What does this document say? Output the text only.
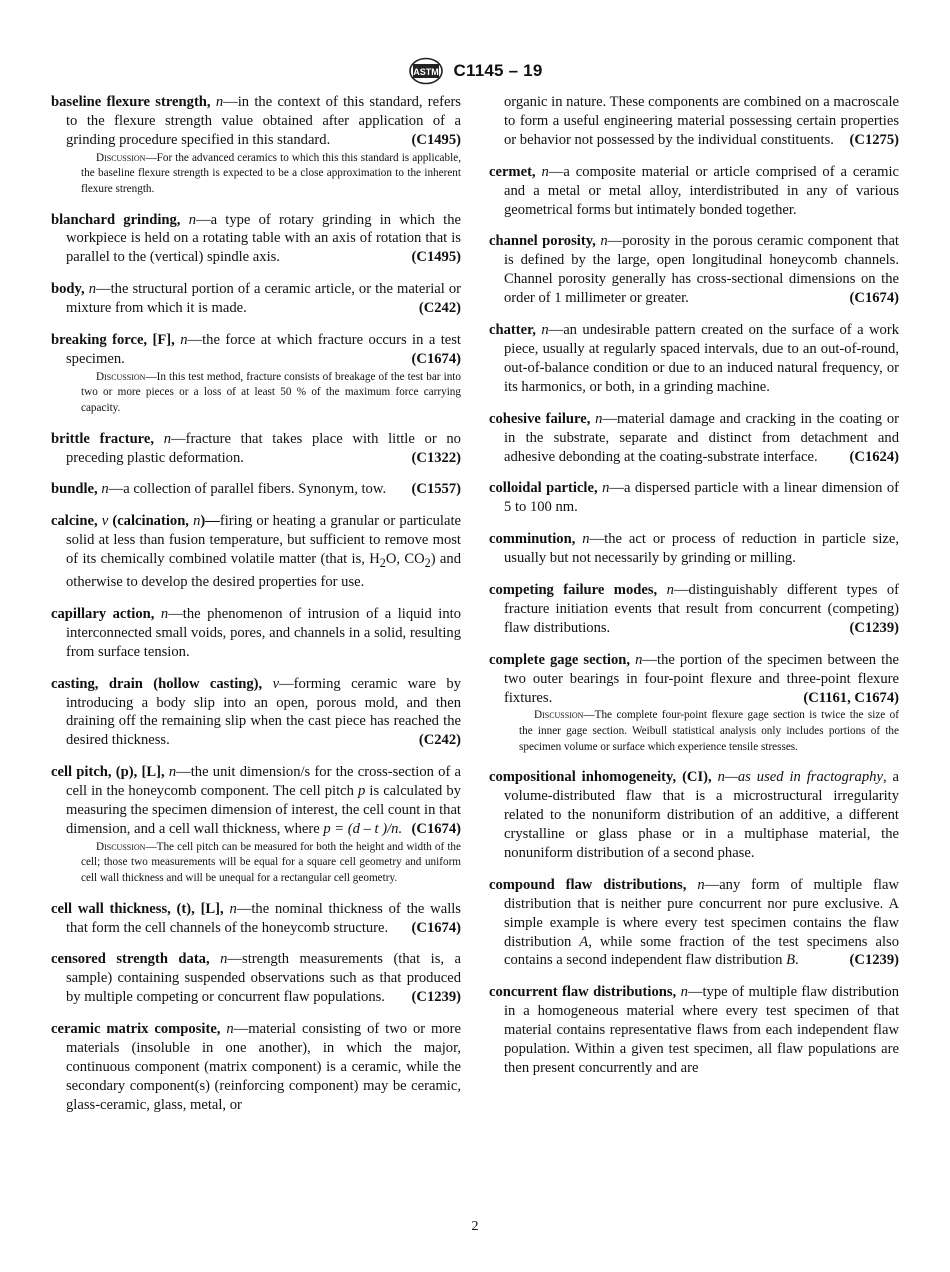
ASTM C1145 – 19

baseline flexure strength, n—in the context of this standard, refers to the flexure strength value obtained after application of a grinding procedure specified in this standard.	(C1495)

Discussion—For the advanced ceramics to which this this standard is applicable, the baseline flexure strength is expected to be a close approximation to the inherent flexure strength.

blanchard grinding, n—a type of rotary grinding in which the workpiece is held on a rotating table with an axis of rotation that is parallel to the (vertical) spindle axis.	(C1495)

body, n—the structural portion of a ceramic article, or the material or mixture from which it is made.	(C242)

breaking force, [F], n—the force at which fracture occurs in a test specimen.	(C1674)

Discussion—In this test method, fracture consists of breakage of the test bar into two or more pieces or a loss of at least 50 % of the maximum force carrying capacity.

brittle fracture, n—fracture that takes place with little or no preceding plastic deformation.	(C1322)

bundle, n—a collection of parallel fibers. Synonym, tow. (C1557)

calcine, v (calcination, n)—firing or heating a granular or particulate solid at less than fusion temperature, but sufficient to remove most of its chemically combined volatile matter (that is, $H_2O$, $CO_2$) and otherwise to develop the desired properties for use.

capillary action, n—the phenomenon of intrusion of a liquid into interconnected small voids, pores, and channels in a solid, resulting from surface tension.

casting, drain (hollow casting), v—forming ceramic ware by introducing a body slip into an open, porous mold, and then draining off the remaining slip when the cast piece has reached the desired thickness.	(C242)

cell pitch, (p), [L], n—the unit dimension/s for the cross-section of a cell in the honeycomb component. The cell pitch p is calculated by measuring the specimen dimension of interest, the cell count in that dimension, and a cell wall thickness, where p = (d – t )/n. (C1674)

Discussion—The cell pitch can be measured for both the height and width of the cell; those two measurements will be equal for a square cell geometry and uniform cell wall thickness and will be unequal for a rectangular cell geometry.

cell wall thickness, (t), [L], n—the nominal thickness of the walls that form the cell channels of the honeycomb structure. (C1674)

censored strength data, n—strength measurements (that is, a sample) containing suspended observations such as that produced by multiple competing or concurrent flaw populations. (C1239)

ceramic matrix composite, n—material consisting of two or more materials (insoluble in one another), in which the major, continuous component (matrix component) is a ceramic, while the secondary component(s) (reinforcing component) may be ceramic, glass-ceramic, glass, metal, or

organic in nature. These components are combined on a macroscale to form a useful engineering material possessing certain properties or behavior not possessed by the individual constituents. (C1275)

cermet, n—a composite material or article comprised of a ceramic and a metal or metal alloy, interdistributed in any of various geometrical forms but intimately bonded together.

channel porosity, n—porosity in the porous ceramic component that is defined by the large, open longitudinal honeycomb channels. Channel porosity generally has cross-sectional dimensions on the order of 1 millimeter or greater.	(C1674)

chatter, n—an undesirable pattern created on the surface of a work piece, usually at regularly spaced intervals, due to an out-of-round, out-of-balance condition or due to an induced natural frequency, or its harmonics, or both, in a grinding machine.

cohesive failure, n—material damage and cracking in the coating or in the substrate, separate and distinct from detachment and adhesive debonding at the coating-substrate interface. (C1624)

colloidal particle, n—a dispersed particle with a linear dimension of 5 to 100 nm.

comminution, n—the act or process of reduction in particle size, usually but not necessarily by grinding or milling.

competing failure modes, n—distinguishably different types of fracture initiation events that result from concurrent (competing) flaw distributions.	(C1239)

complete gage section, n—the portion of the specimen between the two outer bearings in four-point flexure and three-point flexure fixtures.	(C1161, C1674)

Discussion—The complete four-point flexure gage section is twice the size of the inner gage section. Weibull statistical analysis only includes portions of the specimen volume or surface which experience tensile stresses.

compositional inhomogeneity, (CI), n—as used in fractography, a volume-distributed flaw that is a microstructural irregularity related to the nonuniform distribution of an additive, a different crystalline or glass phase or in a multiphase material, the nonuniform distribution of a second phase.

compound flaw distributions, n—any form of multiple flaw distribution that is neither pure concurrent nor pure exclusive. A simple example is where every test specimen contains the flaw distribution A, while some fraction of the test specimens also contains a second independent flaw distribution B.	(C1239)

concurrent flaw distributions, n—type of multiple flaw distribution in a homogeneous material where every test specimen of that material contains representative flaws from each independent flaw population. Within a given test specimen, all flaw populations are then present concurrently and are

2
